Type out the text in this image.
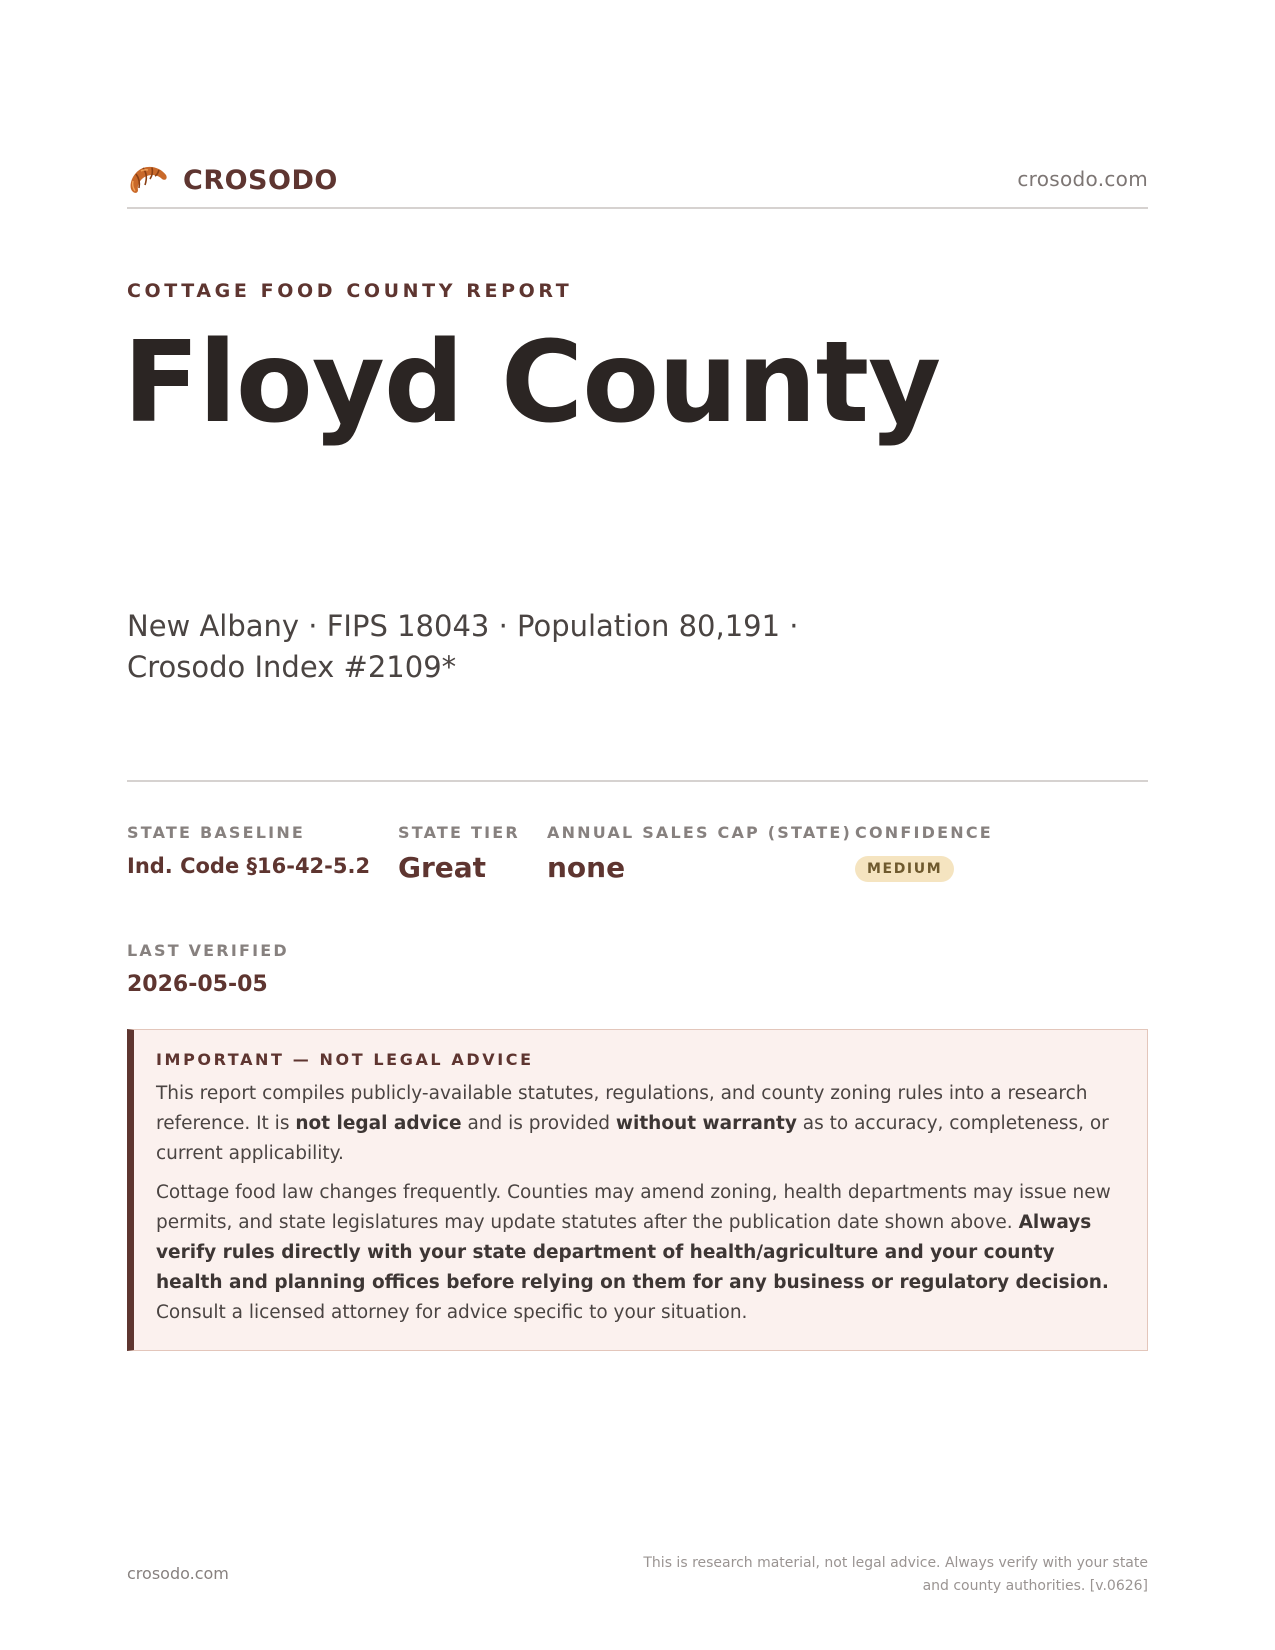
CROSODO	crosodo.com
COTTAGE FOOD COUNTY REPORT
Floyd County
New Albany · FIPS 18043 · Population 80,191 · Crosodo Index #2109*
STATE BASELINE
Ind. Code §16-42-5.2
STATE TIER
Great
ANNUAL SALES CAP (STATE)
none
CONFIDENCE
MEDIUM
LAST VERIFIED
2026-05-05
IMPORTANT — NOT LEGAL ADVICE

This report compiles publicly-available statutes, regulations, and county zoning rules into a research reference. It is not legal advice and is provided without warranty as to accuracy, completeness, or current applicability.

Cottage food law changes frequently. Counties may amend zoning, health departments may issue new permits, and state legislatures may update statutes after the publication date shown above. Always verify rules directly with your state department of health/agriculture and your county health and planning offices before relying on them for any business or regulatory decision. Consult a licensed attorney for advice specific to your situation.

crosodo.com
This is research material, not legal advice. Always verify with your state
and county authorities. [v.0626]
